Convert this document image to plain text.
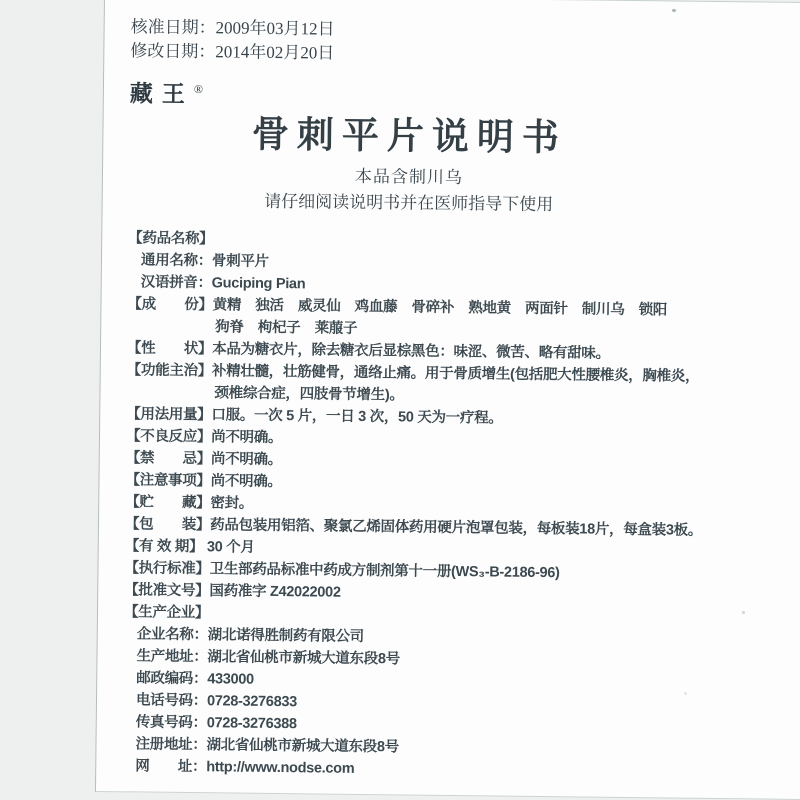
核准日期：2009年03月12日
修改日期：2014年02月20日
藏王®
骨刺平片说明书
本品含制川乌
请仔细阅读说明书并在医师指导下使用
【药品名称】
通用名称：骨刺平片
汉语拼音：Guciping Pian
【成　　份】黄精　独活　威灵仙　鸡血藤　骨碎补　熟地黄　两面针　制川乌　锁阳
狗脊　枸杞子　莱菔子
【性　　状】本品为糖衣片，除去糖衣后显棕黑色：味涩、微苦、略有甜味。
【功能主治】补精壮髓，壮筋健骨，通络止痛。用于骨质增生(包括肥大性腰椎炎，胸椎炎，
颈椎综合症，四肢骨节增生)。
【用法用量】口服。一次 5 片，一日 3 次，50 天为一疗程。
【不良反应】尚不明确。
【禁　　忌】尚不明确。
【注意事项】尚不明确。
【贮　　藏】密封。
【包　　装】药品包装用铝箔、聚氯乙烯固体药用硬片泡罩包装，每板装18片，每盒装3板。
【有 效 期】 30 个月
【执行标准】卫生部药品标准中药成方制剂第十一册(WS₃-B-2186-96)
【批准文号】国药准字 Z42022002
【生产企业】
企业名称：湖北诺得胜制药有限公司
生产地址：湖北省仙桃市新城大道东段8号
邮政编码：433000
电话号码：0728-3276833
传真号码：0728-3276388
注册地址：湖北省仙桃市新城大道东段8号
网　　址：http://www.nodse.com
